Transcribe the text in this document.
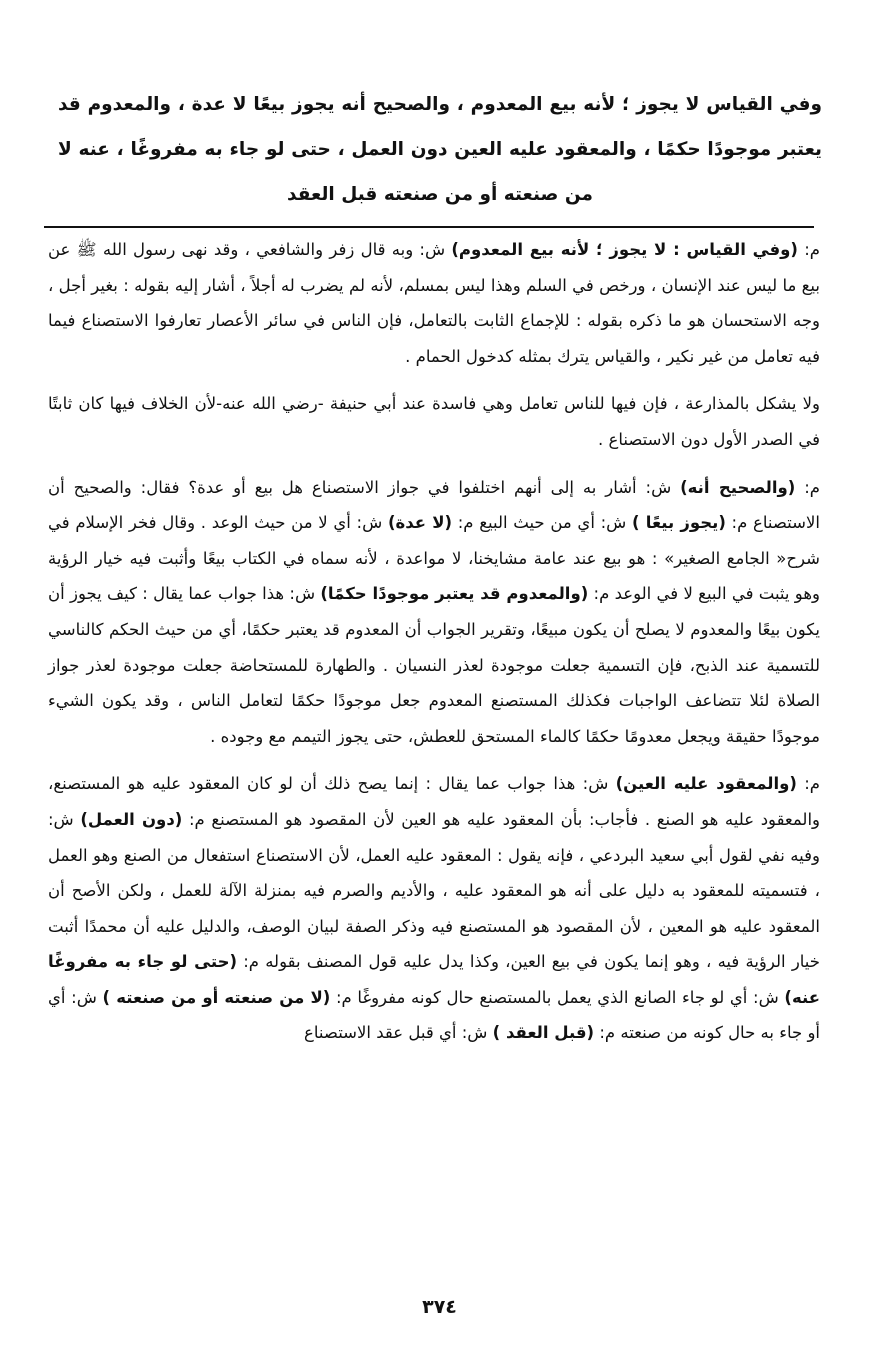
وفي القياس لا يجوز ؛ لأنه بيع المعدوم ، والصحيح أنه يجوز بيعًا لا عدة ، والمعدوم قد يعتبر موجودًا حكمًا ، والمعقود عليه العين دون العمل ، حتى لو جاء به مفروغًا ، عنه لا من صنعته أو من صنعته قبل العقد

م: (وفي القياس : لا يجوز ؛ لأنه بيع المعدوم) ش: وبه قال زفر والشافعي ، وقد نهى رسول الله ﷺ عن بيع ما ليس عند الإنسان ، ورخص في السلم وهذا ليس بمسلم، لأنه لم يضرب له أجلاً ، أشار إليه بقوله : بغير أجل ، وجه الاستحسان هو ما ذكره بقوله : للإجماع الثابت بالتعامل، فإن الناس في سائر الأعصار تعارفوا الاستصناع فيما فيه تعامل من غير نكير ، والقياس يترك بمثله كدخول الحمام .

ولا يشكل بالمذارعة ، فإن فيها للناس تعامل وهي فاسدة عند أبي حنيفة -رضي الله عنه-لأن الخلاف فيها كان ثابتًا في الصدر الأول دون الاستصناع .

م: (والصحيح أنه) ش: أشار به إلى أنهم اختلفوا في جواز الاستصناع هل بيع أو عدة؟ فقال: والصحيح أن الاستصناع م: (يجوز بيعًا ) ش: أي من حيث البيع م: (لا عدة) ش: أي لا من حيث الوعد . وقال فخر الإسلام في شرح« الجامع الصغير» : هو بيع عند عامة مشايخنا، لا مواعدة ، لأنه سماه في الكتاب بيعًا وأثبت فيه خيار الرؤية وهو يثبت في البيع لا في الوعد م: (والمعدوم قد يعتبر موجودًا حكمًا) ش: هذا جواب عما يقال : كيف يجوز أن يكون بيعًا والمعدوم لا يصلح أن يكون مبيعًا، وتقرير الجواب أن المعدوم قد يعتبر حكمًا، أي من حيث الحكم كالناسي للتسمية عند الذبح، فإن التسمية جعلت موجودة لعذر النسيان . والطهارة للمستحاضة جعلت موجودة لعذر جواز الصلاة لئلا تتضاعف الواجبات فكذلك المستصنع المعدوم جعل موجودًا حكمًا لتعامل الناس ، وقد يكون الشيء موجودًا حقيقة ويجعل معدومًا حكمًا كالماء المستحق للعطش، حتى يجوز التيمم مع وجوده .

م: (والمعقود عليه العين) ش: هذا جواب عما يقال : إنما يصح ذلك أن لو كان المعقود عليه هو المستصنع، والمعقود عليه هو الصنع . فأجاب: بأن المعقود عليه هو العين لأن المقصود هو المستصنع م: (دون العمل) ش: وفيه نفي لقول أبي سعيد البردعي ، فإنه يقول : المعقود عليه العمل، لأن الاستصناع استفعال من الصنع وهو العمل ، فتسميته للمعقود به دليل على أنه هو المعقود عليه ، والأديم والصرم فيه بمنزلة الآلة للعمل ، ولكن الأصح أن المعقود عليه هو المعين ، لأن المقصود هو المستصنع فيه وذكر الصفة لبيان الوصف، والدليل عليه أن محمدًا أثبت خيار الرؤية فيه ، وهو إنما يكون في بيع العين، وكذا يدل عليه قول المصنف بقوله م: (حتى لو جاء به مفروغًا عنه) ش: أي لو جاء الصانع الذي يعمل بالمستصنع حال كونه مفروغًا م: (لا من صنعته أو من صنعته ) ش: أي أو جاء به حال كونه من صنعته م: (قبل العقد ) ش: أي قبل عقد الاستصناع

٣٧٤
